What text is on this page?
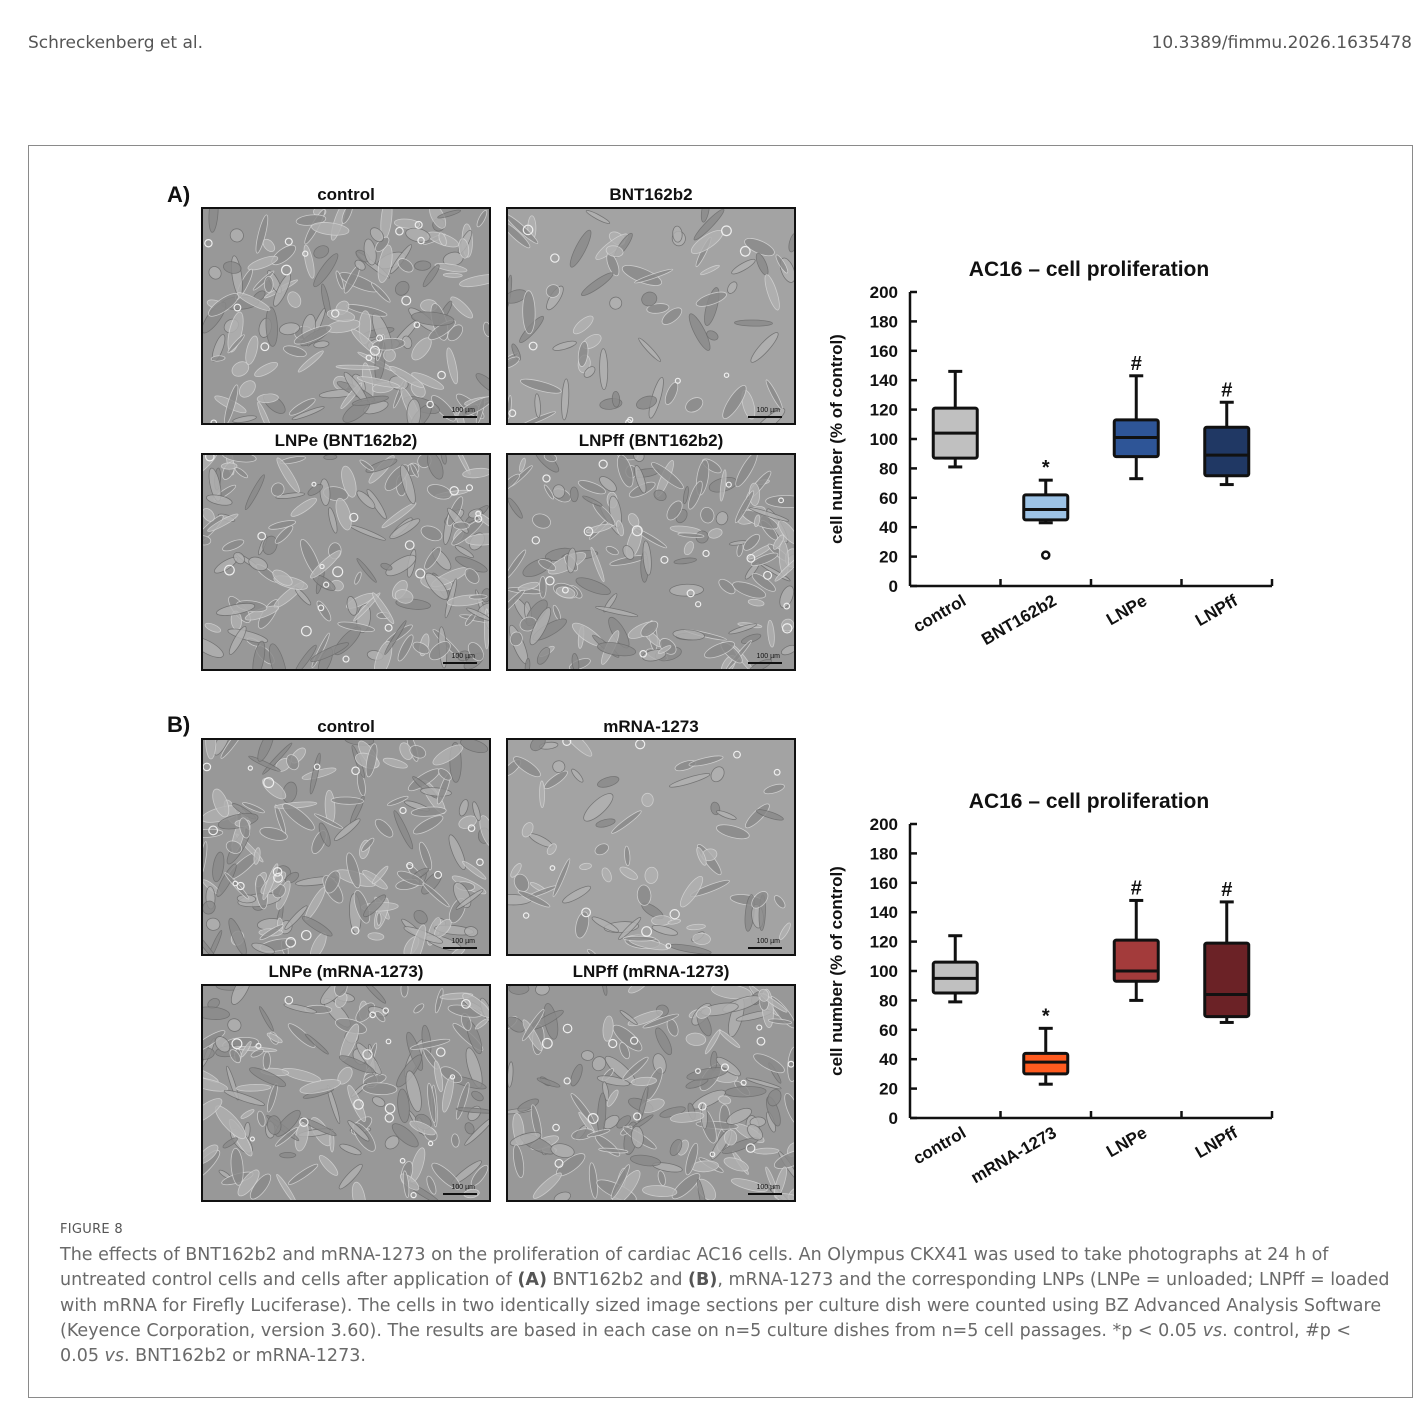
Schreckenberg et al.	10.3389/fimmu.2026.1635478
A)	control
100 µm
BNT162b2
100 µm
LNPe (BNT162b2)
100 µm
LNPff (BNT162b2)
100 µm
AC16 – cell proliferation
cell number (% of control)
0
20
40
60
80
100
120
140
160
180
200
control BNT162b2	LNPe LNPff
*
#
#
B)	control
100 µm
mRNA-1273
100 µm
LNPe (mRNA-1273)
100 µm
LNPff (mRNA-1273)
100 µm
AC16 – cell proliferation
cell number (% of control)
0
20
40
60
80
100
120
140
160
180
200
control
mRNA-1273	LNPe LNPff
*
#	#
FIGURE 8
The effects of BNT162b2 and mRNA-1273 on the proliferation of cardiac AC16 cells. An Olympus CKX41 was used to take photographs at 24 h of untreated control cells and cells after application of (A) BNT162b2 and (B), mRNA-1273 and the corresponding LNPs (LNPe = unloaded; LNPff = loaded with mRNA for Firefly Luciferase). The cells in two identically sized image sections per culture dish were counted using BZ Advanced Analysis Software (Keyence Corporation, version 3.60). The results are based in each case on n=5 culture dishes from n=5 cell passages. *p < 0.05 vs. control, #p < 0.05 vs. BNT162b2 or mRNA-1273.
